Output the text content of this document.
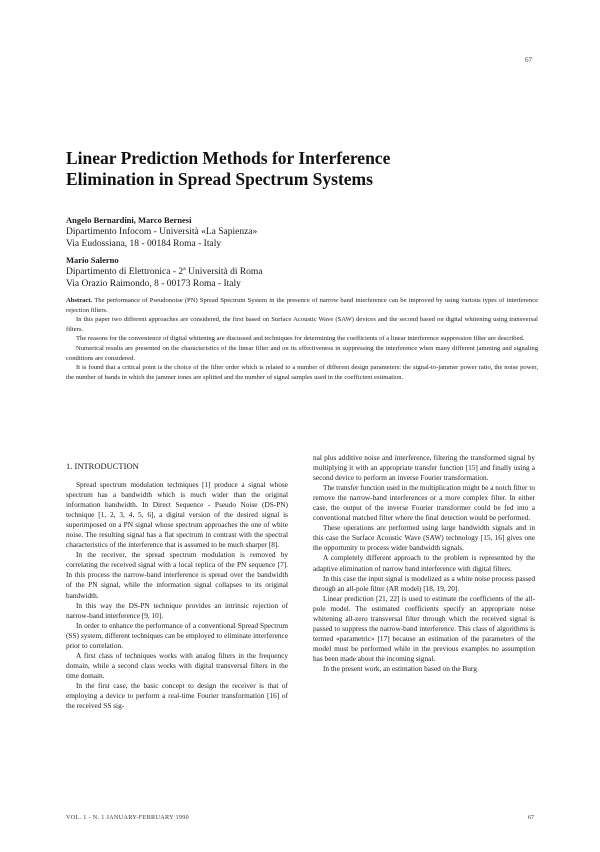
67
Linear Prediction Methods for Interference
Elimination in Spread Spectrum Systems
Angelo Bernardini, Marco Bernesi
Dipartimento Infocom - Università «La Sapienza»
Via Eudossiana, 18 - 00184 Roma - Italy
Mario Salerno
Dipartimento di Elettronica - 2ª Università di Roma
Via Orazio Raimondo, 8 - 00173 Roma - Italy

Abstract. The performance of Pseudonoise (PN) Spread Spectrum System in the presence of narrow band interference can be improved by using various types of interference rejection filters.

In this paper two different approaches are considered, the first based on Surface Acoustic Wave (SAW) devices and the second based on digital whitening using transversal filters.

The reasons for the convenience of digital whitening are discussed and techniques for determining the coefficients of a linear interference suppression filter are described.

Numerical results are presented on the characteristics of the linear filter and on its effectiveness in suppressing the interference when many different jamming and signaling conditions are considered.

It is found that a critical point is the choice of the filter order which is related to a number of different design parameters: the signal-to-jammer power ratio, the noise power, the number of bands in which the jammer tones are splitted and the number of signal samples used in the coefficient estimation.

1. INTRODUCTION

Spread spectrum modulation techniques [1] produce a signal whose spectrum has a bandwidth which is much wider than the original information bandwidth. In Direct Sequence - Pseudo Noise (DS-PN) technique [1, 2, 3, 4, 5, 6], a digital version of the desired signal is superimposed on a PN signal whose spectrum approaches the one of white noise. The resulting signal has a flat spectrum in contrast with the spectral characteristics of the interference that is assumed to be much sharper [8].

In the receiver, the spread spectrum modulation is removed by correlating the received signal with a local replica of the PN sequence [7]. In this process the narrow-band interference is spread over the bandwidth of the PN signal, while the information signal collapses to its original bandwidth.

In this way the DS-PN technique provides an intrinsic rejection of narrow-band interference [9, 10].

In order to enhance the performance of a conventional Spread Spectrum (SS) system, different techniques can be employed to eliminate interference prior to correlation.

A first class of techniques works with analog filters in the frequency domain, while a second class works with digital transversal filters in the time domain.

In the first case, the basic concept to design the receiver is that of employing a device to perform a real-time Fourier transformation [16] of the received SS sig-

nal plus additive noise and interference, filtering the transformed signal by multiplying it with an appropriate transfer function [15] and finally using a second device to perform an inverse Fourier transformation.

The transfer function used in the multiplication might be a notch filter to remove the narrow-band interferences or a more complex filter. In either case, the output of the inverse Fourier transformer could be fed into a conventional matched filter where the final detection would be performed.

These operations are performed using large bandwidth signals and in this case the Surface Acoustic Wave (SAW) technology [15, 16] gives one the opportunity to process wider bandwidth signals.

A completely different approach to the problem is represented by the adaptive elimination of narrow band interference with digital filters.

In this case the input signal is modelized as a white noise process passed through an all-pole filter (AR model) [18, 19, 20].

Linear prediction [21, 22] is used to estimate the coefficients of the all-pole model. The estimated coefficients specify an appropriate noise whitening all-zero transversal filter through which the received signal is passed to suppress the narrow-band interference. This class of algorithms is termed «parametric» [17] because an estimation of the parameters of the model must be performed while in the previous examples no assumption has been made about the incoming signal.

In the present work, an estimation based on the Burg

VOL. 1 - N. 1 JANUARY-FEBRUARY 1990	67
